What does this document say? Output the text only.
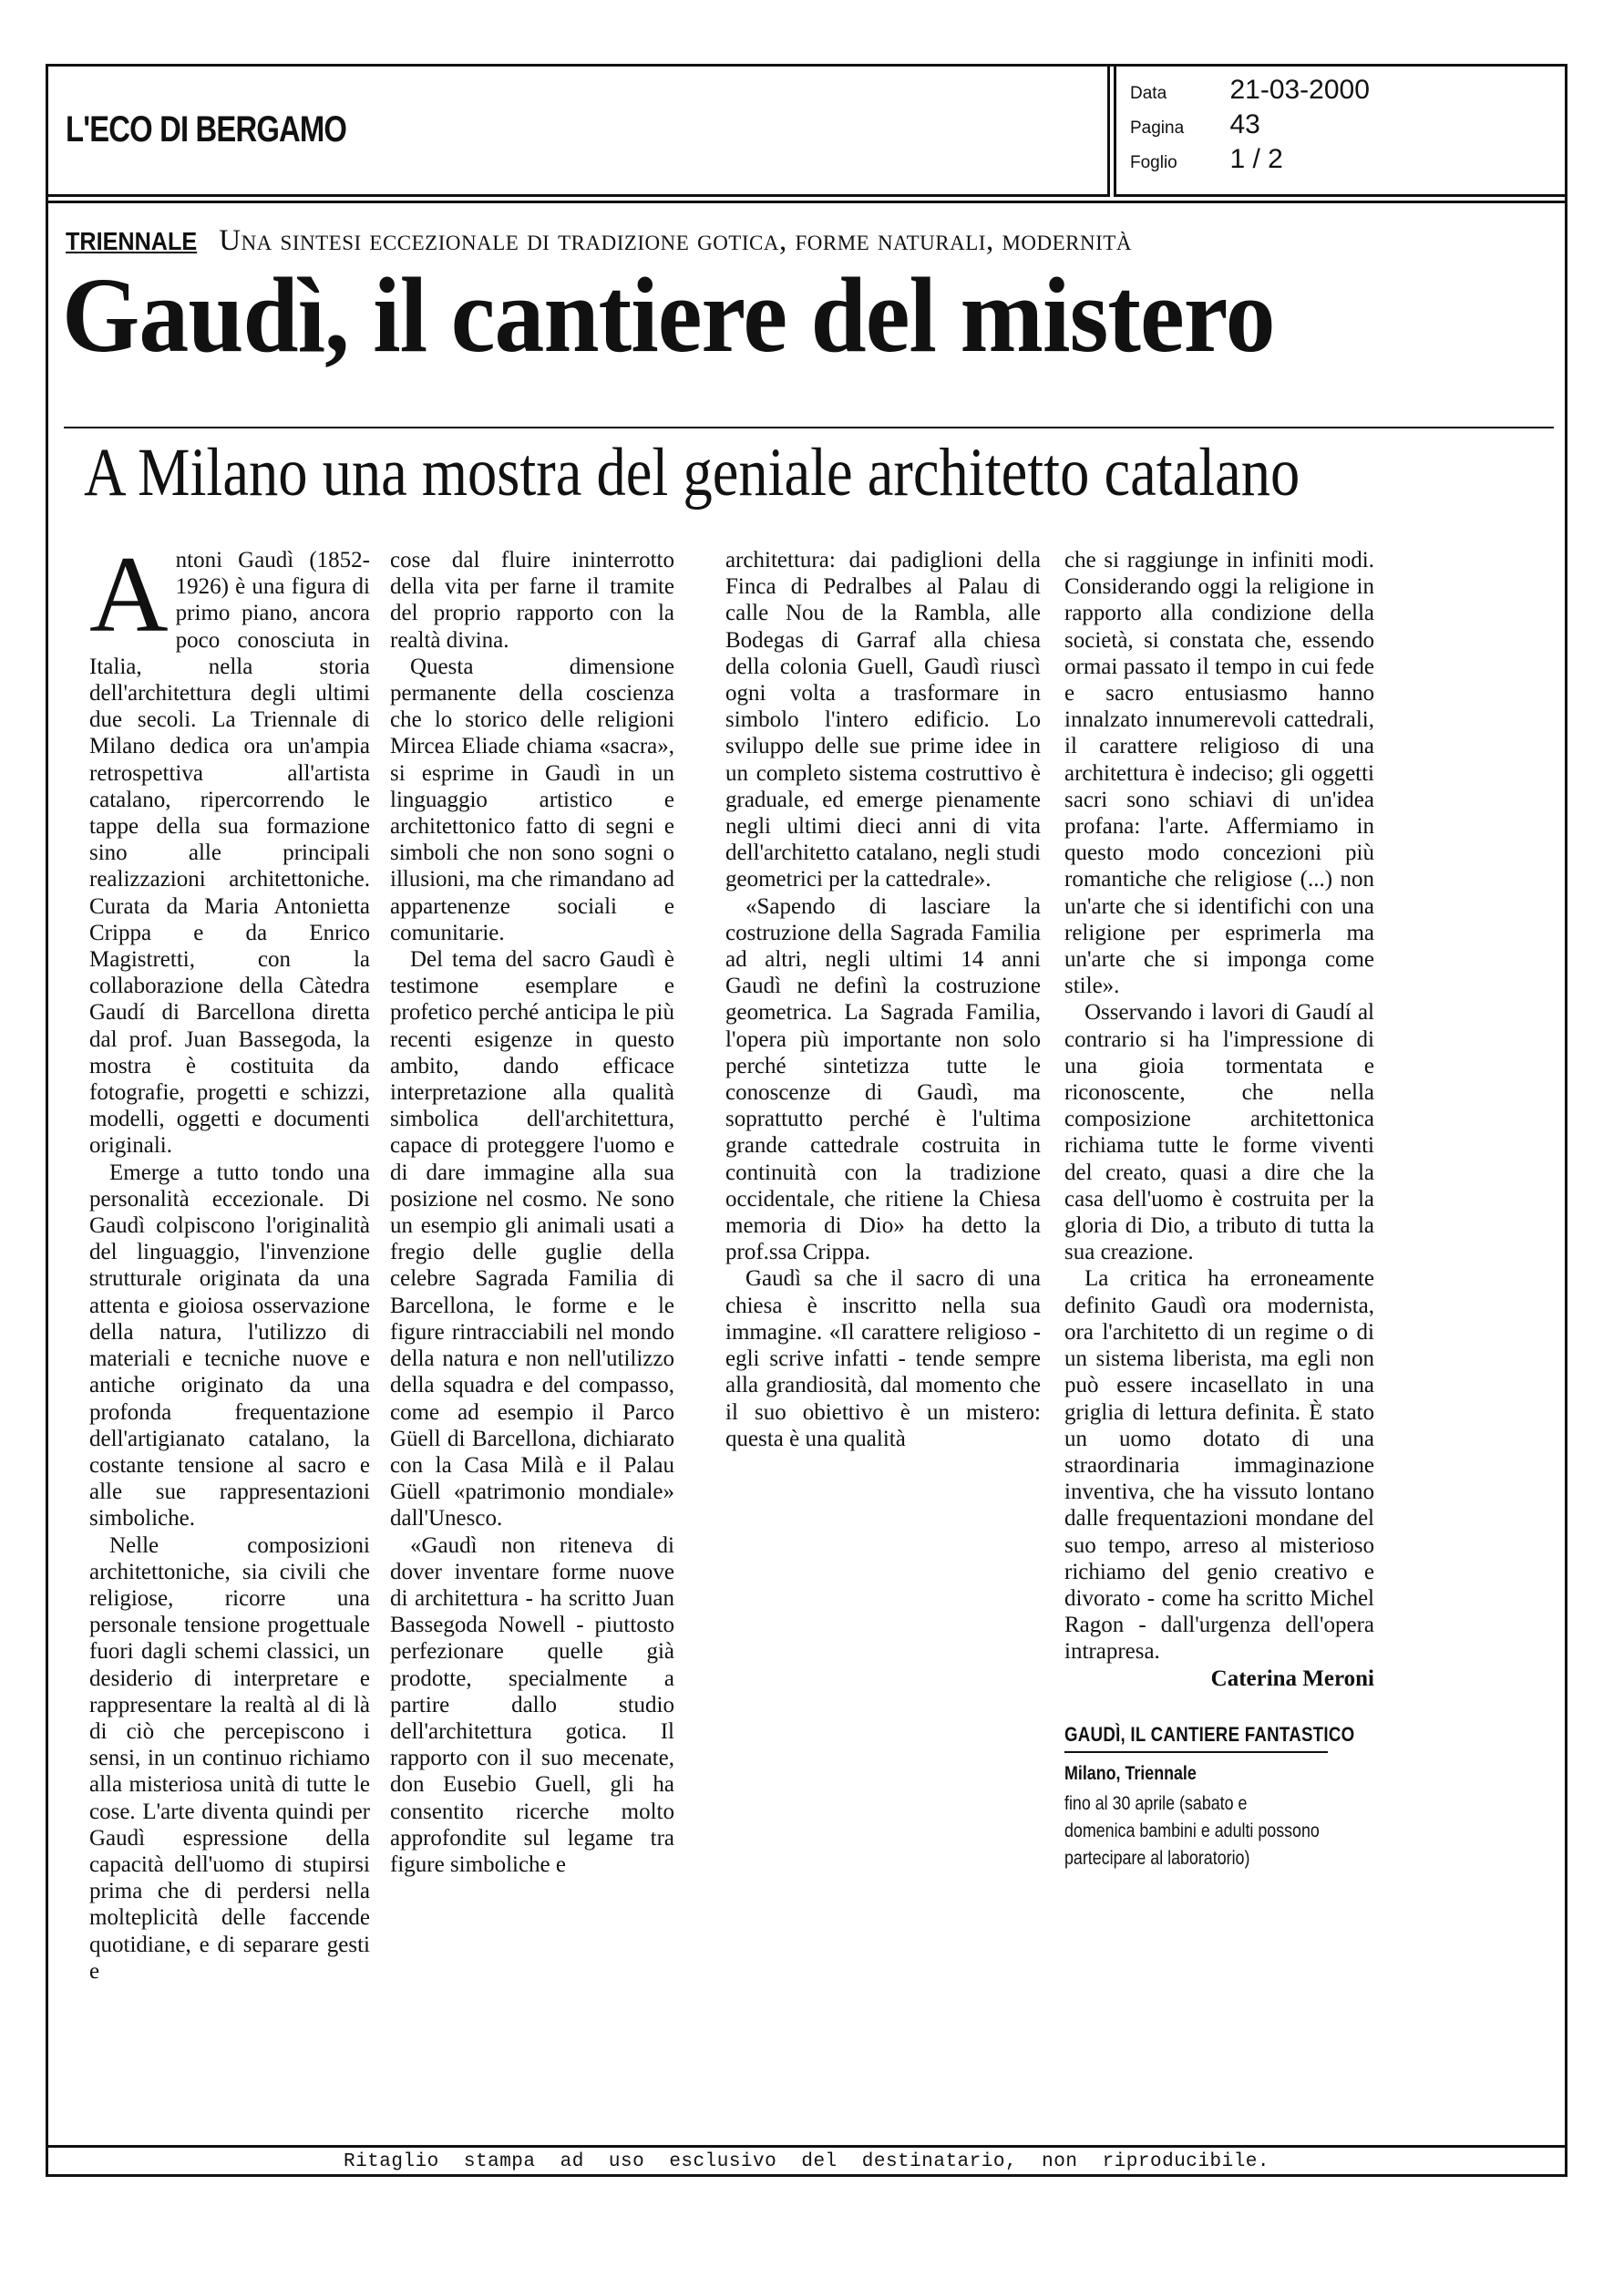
L'ECO DI BERGAMO
Data 21-03-2000
Pagina 43
Foglio 1 / 2
TRIENNALE Una sintesi eccezionale di tradizione gotica, forme naturali, modernità
Gaudì, il cantiere del mistero
A Milano una mostra del geniale architetto catalano

Antoni Gaudì (1852-1926) è una figura di primo piano, ancora poco conosciuta in Italia, nella storia dell'architettura degli ultimi due secoli. La Triennale di Milano dedica ora un'ampia retrospettiva all'artista catalano, ripercorrendo le tappe della sua formazione sino alle principali realizzazioni architettoniche. Curata da Maria Antonietta Crippa e da Enrico Magistretti, con la collaborazione della Càtedra Gaudí di Barcellona diretta dal prof. Juan Bassegoda, la mostra è costituita da fotografie, progetti e schizzi, modelli, oggetti e documenti originali.

Emerge a tutto tondo una personalità eccezionale. Di Gaudì colpiscono l'originalità del linguaggio, l'invenzione strutturale originata da una attenta e gioiosa osservazione della natura, l'utilizzo di materiali e tecniche nuove e antiche originato da una profonda frequentazione dell'artigianato catalano, la costante tensione al sacro e alle sue rappresentazioni simboliche.

Nelle composizioni architettoniche, sia civili che religiose, ricorre una personale tensione progettuale fuori dagli schemi classici, un desiderio di interpretare e rappresentare la realtà al di là di ciò che percepiscono i sensi, in un continuo richiamo alla misteriosa unità di tutte le cose. L'arte diventa quindi per Gaudì espressione della capacità dell'uomo di stupirsi prima che di perdersi nella molteplicità delle faccende quotidiane, e di separare gesti e

cose dal fluire ininterrotto della vita per farne il tramite del proprio rapporto con la realtà divina.

Questa dimensione permanente della coscienza che lo storico delle religioni Mircea Eliade chiama «sacra», si esprime in Gaudì in un linguaggio artistico e architettonico fatto di segni e simboli che non sono sogni o illusioni, ma che rimandano ad appartenenze sociali e comunitarie.

Del tema del sacro Gaudì è testimone esemplare e profetico perché anticipa le più recenti esigenze in questo ambito, dando efficace interpretazione alla qualità simbolica dell'architettura, capace di proteggere l'uomo e di dare immagine alla sua posizione nel cosmo. Ne sono un esempio gli animali usati a fregio delle guglie della celebre Sagrada Familia di Barcellona, le forme e le figure rintracciabili nel mondo della natura e non nell'utilizzo della squadra e del compasso, come ad esempio il Parco Güell di Barcellona, dichiarato con la Casa Milà e il Palau Güell «patrimonio mondiale» dall'Unesco.

«Gaudì non riteneva di dover inventare forme nuove di architettura - ha scritto Juan Bassegoda Nowell - piuttosto perfezionare quelle già prodotte, specialmente a partire dallo studio dell'architettura gotica. Il rapporto con il suo mecenate, don Eusebio Guell, gli ha consentito ricerche molto approfondite sul legame tra figure simboliche e

architettura: dai padiglioni della Finca di Pedralbes al Palau di calle Nou de la Rambla, alle Bodegas di Garraf alla chiesa della colonia Guell, Gaudì riuscì ogni volta a trasformare in simbolo l'intero edificio. Lo sviluppo delle sue prime idee in un completo sistema costruttivo è graduale, ed emerge pienamente negli ultimi dieci anni di vita dell'architetto catalano, negli studi geometrici per la cattedrale».

«Sapendo di lasciare la costruzione della Sagrada Familia ad altri, negli ultimi 14 anni Gaudì ne definì la costruzione geometrica. La Sagrada Familia, l'opera più importante non solo perché sintetizza tutte le conoscenze di Gaudì, ma soprattutto perché è l'ultima grande cattedrale costruita in continuità con la tradizione occidentale, che ritiene la Chiesa memoria di Dio» ha detto la prof.ssa Crippa.

Gaudì sa che il sacro di una chiesa è inscritto nella sua immagine. «Il carattere religioso - egli scrive infatti - tende sempre alla grandiosità, dal momento che il suo obiettivo è un mistero: questa è una qualità

che si raggiunge in infiniti modi. Considerando oggi la religione in rapporto alla condizione della società, si constata che, essendo ormai passato il tempo in cui fede e sacro entusiasmo hanno innalzato innumerevoli cattedrali, il carattere religioso di una architettura è indeciso; gli oggetti sacri sono schiavi di un'idea profana: l'arte. Affermiamo in questo modo concezioni più romantiche che religiose (...) non un'arte che si identifichi con una religione per esprimerla ma un'arte che si imponga come stile».

Osservando i lavori di Gaudí al contrario si ha l'impressione di una gioia tormentata e riconoscente, che nella composizione architettonica richiama tutte le forme viventi del creato, quasi a dire che la casa dell'uomo è costruita per la gloria di Dio, a tributo di tutta la sua creazione.

La critica ha erroneamente definito Gaudì ora modernista, ora l'architetto di un regime o di un sistema liberista, ma egli non può essere incasellato in una griglia di lettura definita. È stato un uomo dotato di una straordinaria immaginazione inventiva, che ha vissuto lontano dalle frequentazioni mondane del suo tempo, arreso al misterioso richiamo del genio creativo e divorato - come ha scritto Michel Ragon - dall'urgenza dell'opera intrapresa.

Caterina Meroni

GAUDÌ, IL CANTIERE FANTASTICO
Milano, Triennale
fino al 30 aprile (sabato e domenica bambini e adulti possono partecipare al laboratorio)
Ritaglio stampa ad uso esclusivo del destinatario, non riproducibile.
